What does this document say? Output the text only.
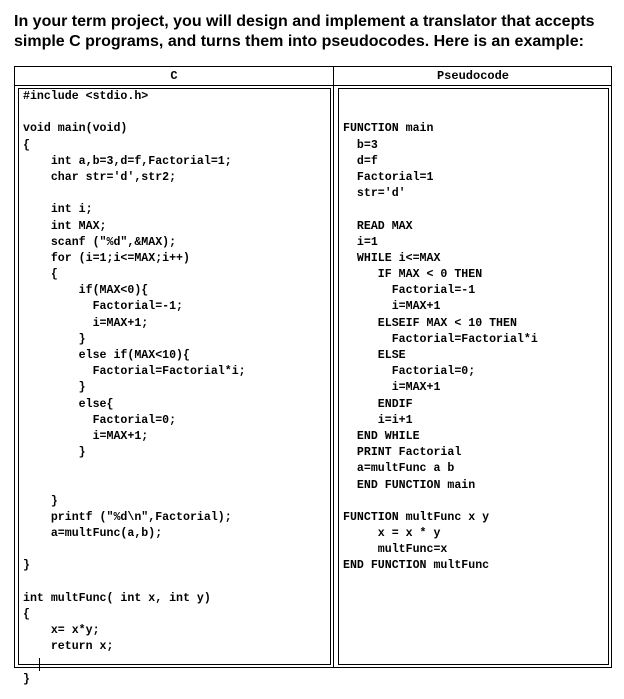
In your term project, you will design and implement a translator that accepts simple C programs, and turns them into pseudocodes. Here is an example:

C	Pseudocode
#include <stdio.h>
void main(void)
{
int a,b=3,d=f,Factorial=1;
char str='d',str2;
int i;
int MAX;
scanf ("%d",&MAX);
for (i=1;i<=MAX;i++)
{
if(MAX<0){
Factorial=-1;
i=MAX+1;
}
else if(MAX<10){
Factorial=Factorial*i;
}
else{
Factorial=0;
i=MAX+1;
}
}
printf ("%d\n",Factorial);
a=multFunc(a,b);
}
int multFunc( int x, int y)
{
x= x*y;
return x;
}
FUNCTION main
b=3
d=f
Factorial=1
str='d'
READ MAX
i=1
WHILE i<=MAX
IF MAX < 0 THEN
Factorial=-1
i=MAX+1
ELSEIF MAX < 10 THEN
Factorial=Factorial*i
ELSE
Factorial=0;
i=MAX+1
ENDIF
i=i+1
END WHILE
PRINT Factorial
a=multFunc a b
END FUNCTION main
FUNCTION multFunc x y
x = x * y
multFunc=x
END FUNCTION multFunc
